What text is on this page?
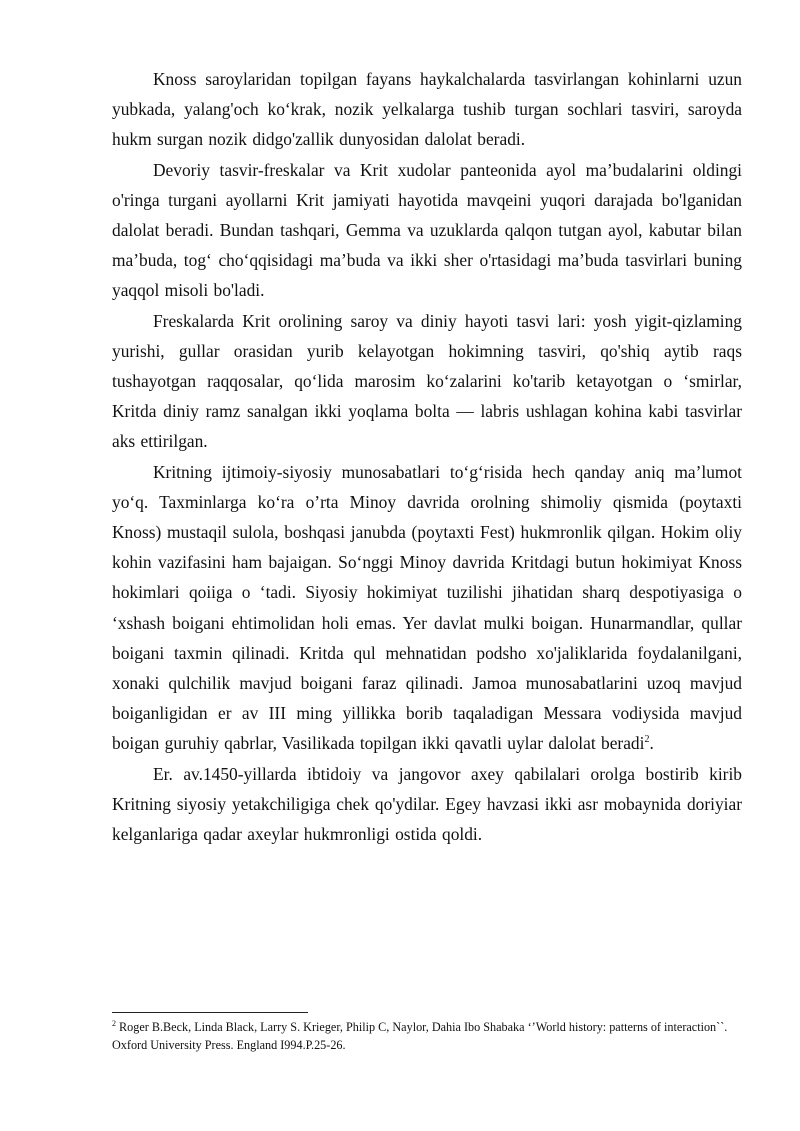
Knoss saroylaridan topilgan fayans haykalchalarda tasvirlangan kohinlarni uzun yubkada, yalang'och ko‘krak, nozik yelkalarga tushib turgan sochlari tasviri, saroyda hukm surgan nozik didgo'zallik dunyosidan dalolat beradi.

Devoriy tasvir-freskalar va Krit xudolar panteonida ayol ma’budalarini oldingi o'ringa turgani ayollarni Krit jamiyati hayotida mavqeini yuqori darajada bo'lganidan dalolat beradi. Bundan tashqari, Gemma va uzuklarda qalqon tutgan ayol, kabutar bilan ma’buda, tog‘ cho‘qqisidagi ma’buda va ikki sher o'rtasidagi ma’buda tasvirlari buning yaqqol misoli bo'ladi.

Freskalarda Krit orolining saroy va diniy hayoti tasvi lari: yosh yigit-qizlaming yurishi, gullar orasidan yurib kelayotgan hokimning tasviri, qo'shiq aytib raqs tushayotgan raqqosalar, qo‘lida marosim ko‘zalarini ko'tarib ketayotgan o ‘smirlar, Kritda diniy ramz sanalgan ikki yoqlama bolta — labris ushlagan kohina kabi tasvirlar aks ettirilgan.

Kritning ijtimoiy-siyosiy munosabatlari to‘g‘risida hech qanday aniq ma’lumot yo‘q. Taxminlarga ko‘ra o’rta Minoy davrida orolning shimoliy qismida (poytaxti Knoss) mustaqil sulola, boshqasi janubda (poytaxti Fest) hukmronlik qilgan. Hokim oliy kohin vazifasini ham bajaigan. So‘nggi Minoy davrida Kritdagi butun hokimiyat Knoss hokimlari qoiiga o ‘tadi. Siyosiy hokimiyat tuzilishi jihatidan sharq despotiyasiga o ‘xshash boigani ehtimolidan holi emas. Yer davlat mulki boigan. Hunarmandlar, qullar boigani taxmin qilinadi. Kritda qul mehnatidan podsho xo'jaliklarida foydalanilgani, xonaki qulchilik mavjud boigani faraz qilinadi. Jamoa munosabatlarini uzoq mavjud boiganligidan er av III ming yillikka borib taqaladigan Messara vodiysida mavjud boigan guruhiy qabrlar, Vasilikada topilgan ikki qavatli uylar dalolat beradi$^2$.

Er. av.1450-yillarda ibtidoiy va jangovor axey qabilalari orolga bostirib kirib Kritning siyosiy yetakchiligiga chek qo'ydilar. Egey havzasi ikki asr mobaynida doriyiar kelganlariga qadar axeylar hukmronligi ostida qoldi.

$^2$ Roger B.Beck, Linda Black, Larry S. Krieger, Philip C, Naylor, Dahia Ibo Shabaka ‘’World history: patterns of interaction``. Oxford University Press. England I994.P.25-26.
